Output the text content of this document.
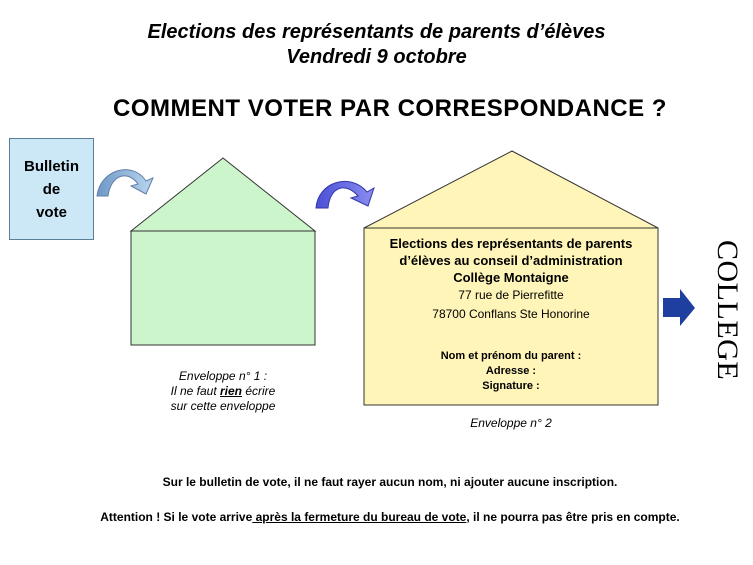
Elections des représentants de parents d’élèves
Vendredi 9 octobre
COMMENT VOTER PAR CORRESPONDANCE ?
Bulletin
de
vote
Enveloppe n° 1 :
Il ne faut rien écrire
sur cette enveloppe
Elections des représentants de parents
d’élèves au conseil d’administration
Collège Montaigne
77 rue de Pierrefitte
78700 Conflans Ste Honorine
Nom et prénom du parent :
Adresse :
Signature :
Enveloppe n° 2
COLLEGE
Sur le bulletin de vote, il ne faut rayer aucun nom, ni ajouter aucune inscription.
Attention ! Si le vote arrive après la fermeture du bureau de vote, il ne pourra pas être pris en compte.
